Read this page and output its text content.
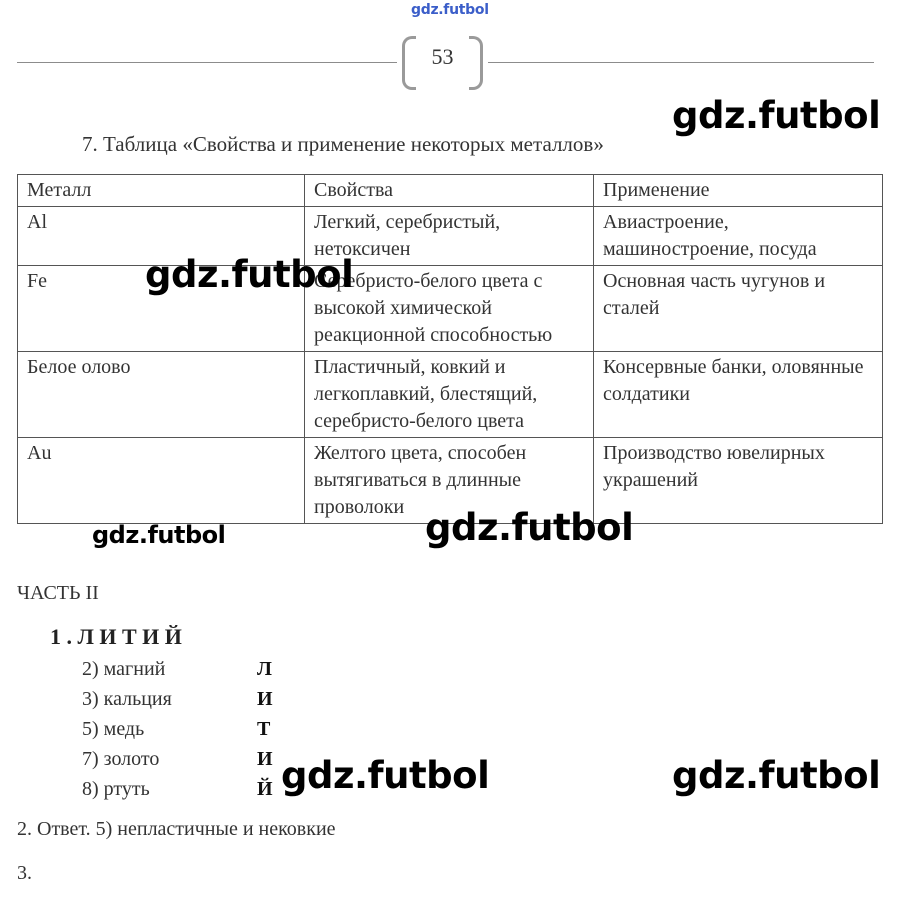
gdz.futbol
53
7. Таблица «Свойства и применение некоторых металлов»
Металл	Свойства	Применение
Al	Легкий, серебристый, нетоксичен	Авиастроение, машиностроение, посуда
Fe	Серебристо-белого цвета с высокой химической реакционной способностью	Основная часть чугунов и сталей
Белое олово	Пластичный, ковкий и легкоплавкий, блестящий, серебристо-белого цвета	Консервные банки, оловянные солдатики
Au	Желтого цвета, способен вытягиваться в длинные проволоки	Производство ювелирных украшений
ЧАСТЬ II
1 . Л И Т И Й
2) магний	Л
3) кальция	И
5) медь	Т
7) золото	И
8) ртуть	Й
2. Ответ. 5) непластичные и нековкие
3.
gdz.futbol
gdz.futbol
gdz.futbol
gdz.futbol
gdz.futbol	gdz.futbol
